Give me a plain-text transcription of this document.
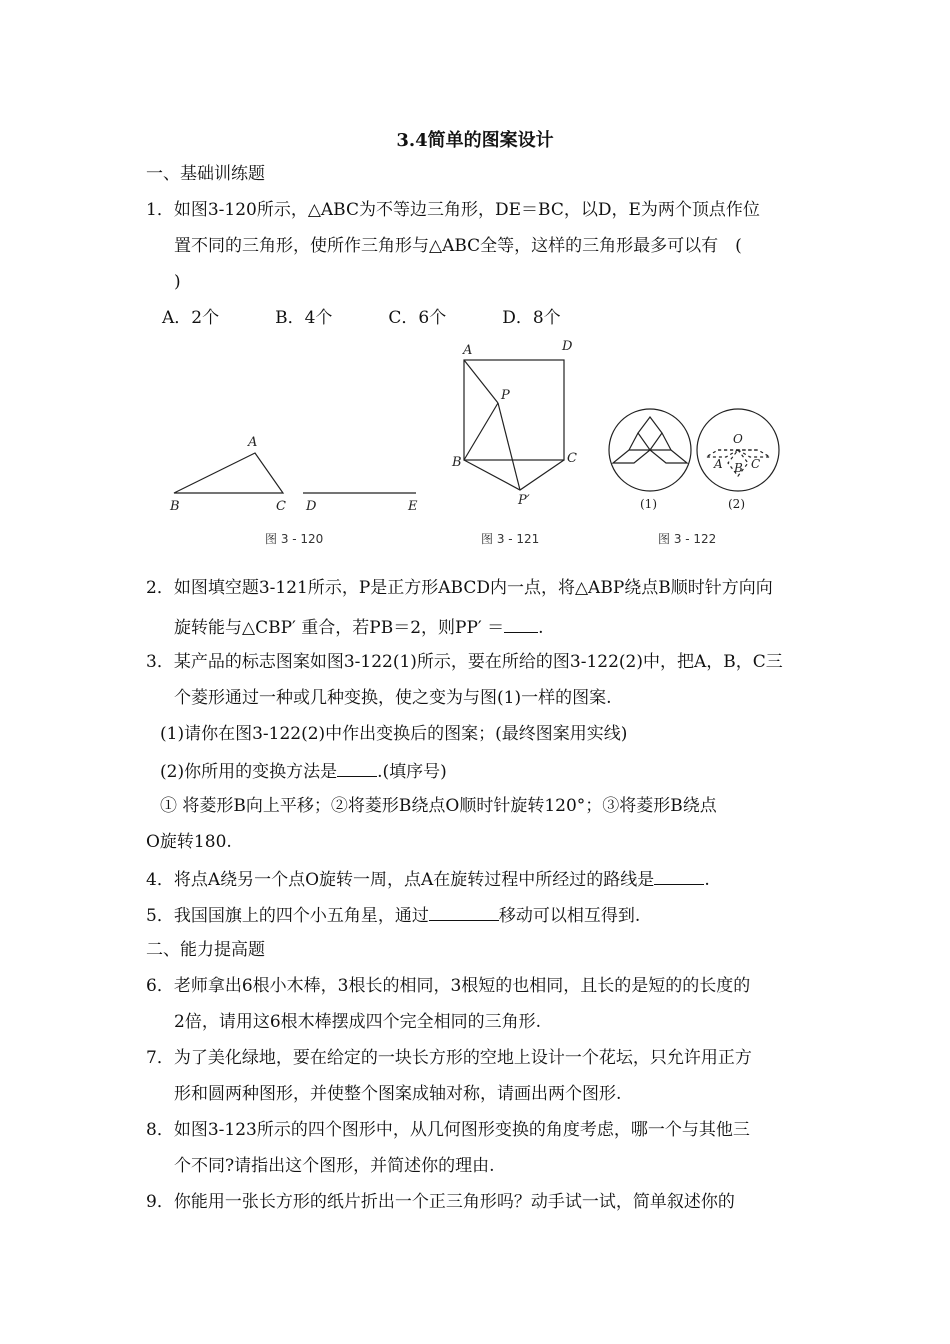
3.4简单的图案设计
一、基础训练题
1．如图3-120所示，△ABC为不等边三角形，DE＝BC，以D，E为两个顶点作位
置不同的三角形，使所作三角形与△ABC全等，这样的三角形最多可以有　(
)
A．2个	B．4个	C．6个	D．8个
A
B	C D	E
A	D
P
B	C
P′	(1)
O
A B C
(2)
图 3 - 120	图 3 - 121	图 3 - 122
2．如图填空题3-121所示，P是正方形ABCD内一点，将△ABP绕点B顺时针方向向
旋转能与△CBP′ 重合，若PB＝2，则PP′ ＝ .
3．某产品的标志图案如图3-122(1)所示，要在所给的图3-122(2)中，把A，B，C三
个菱形通过一种或几种变换，使之变为与图(1)一样的图案.
(1)请你在图3-122(2)中作出变换后的图案；(最终图案用实线)
(2)你所用的变换方法是 .(填序号)
① 将菱形B向上平移；②将菱形B绕点O顺时针旋转120°；③将菱形B绕点
O旋转180.
4．将点A绕另一个点O旋转一周，点A在旋转过程中所经过的路线是	.
5．我国国旗上的四个小五角星，通过	移动可以相互得到.
二、能力提高题
6．老师拿出6根小木棒，3根长的相同，3根短的也相同，且长的是短的的长度的
2倍，请用这6根木棒摆成四个完全相同的三角形.
7．为了美化绿地，要在给定的一块长方形的空地上设计一个花坛，只允许用正方
形和圆两种图形，并使整个图案成轴对称，请画出两个图形.
8．如图3-123所示的四个图形中，从几何图形变换的角度考虑，哪一个与其他三
个不同?请指出这个图形，并简述你的理由.
9．你能用一张长方形的纸片折出一个正三角形吗？动手试一试，简单叙述你的
